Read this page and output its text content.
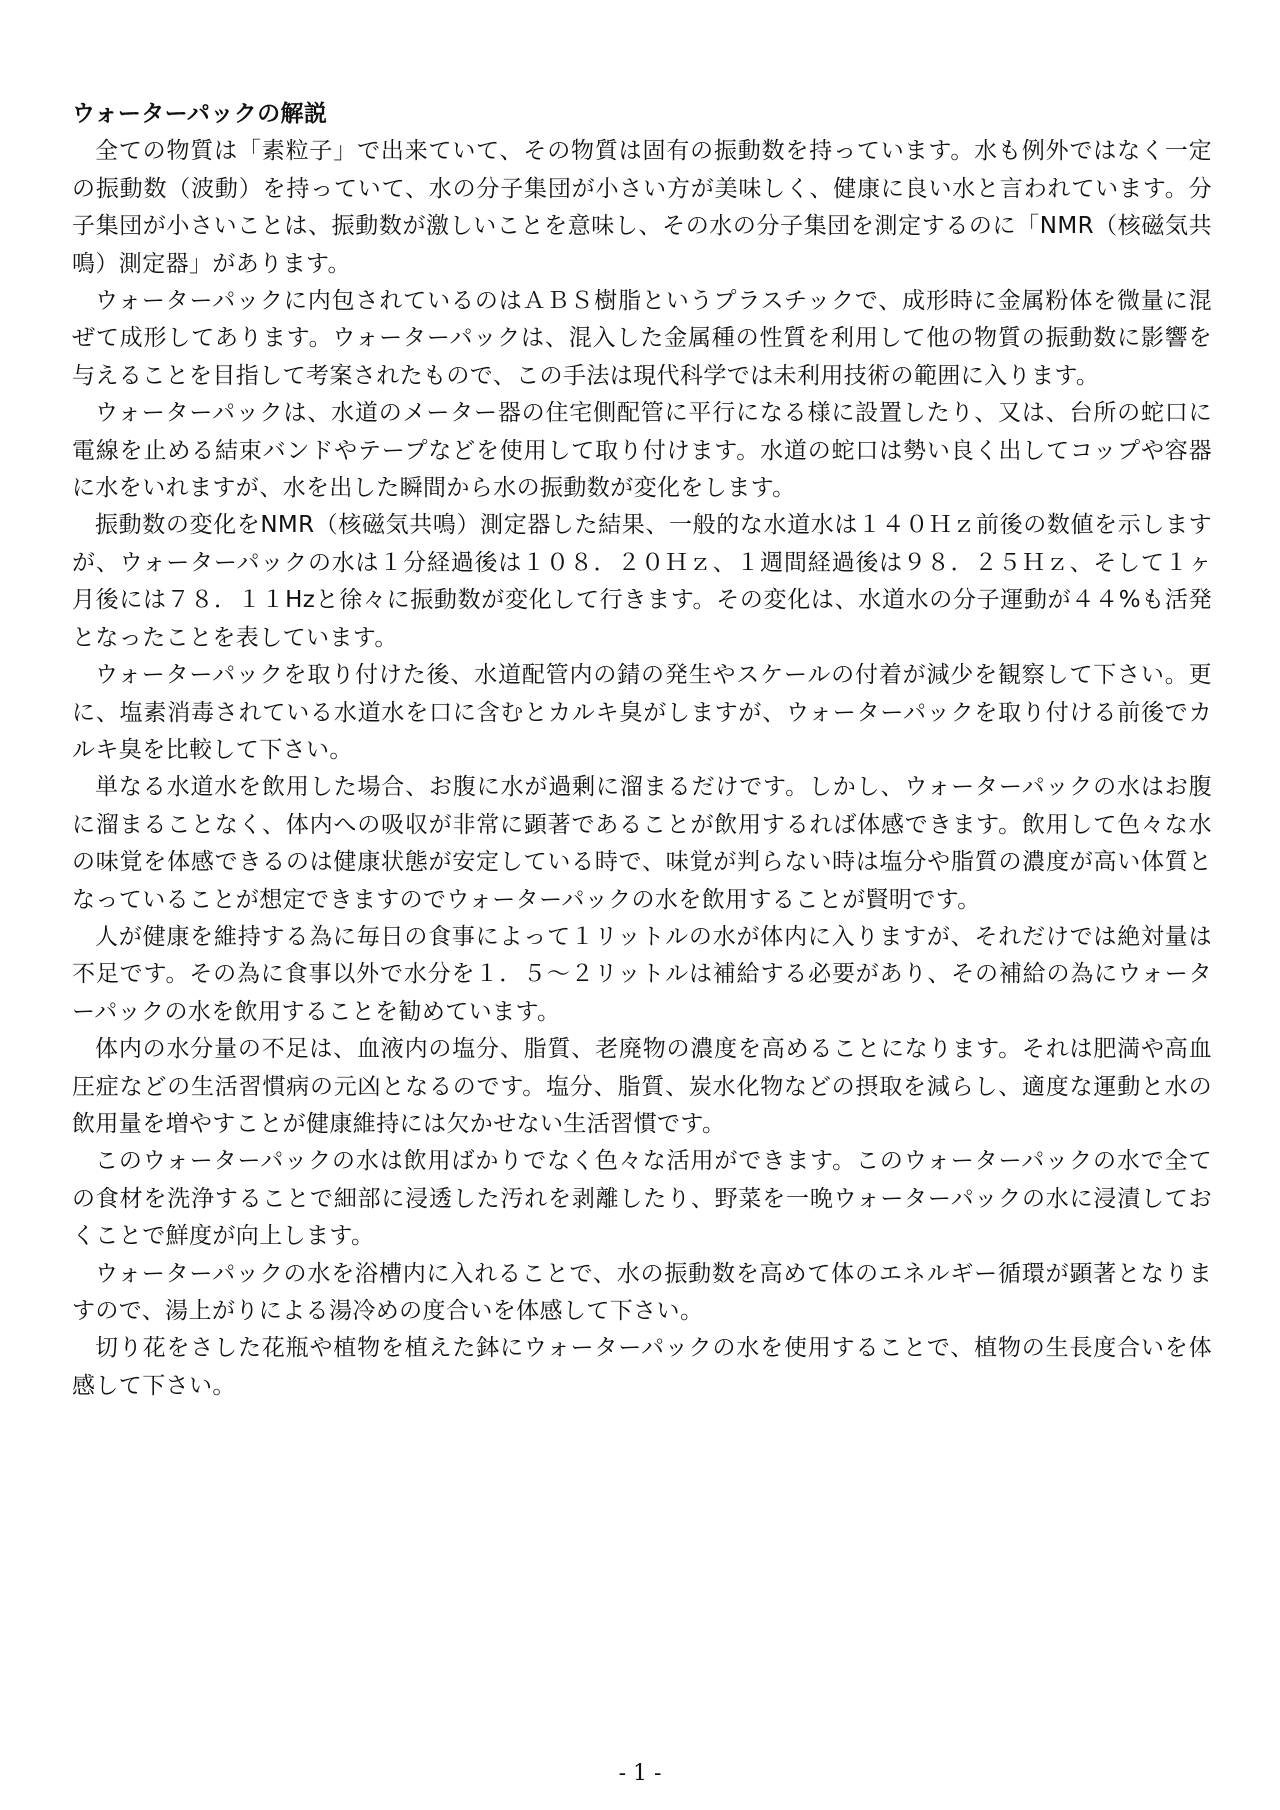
ウォーターパックの解説

全ての物質は「素粒子」で出来ていて、その物質は固有の振動数を持っています。水も例外ではなく一定の振動数（波動）を持っていて、水の分子集団が小さい方が美味しく、健康に良い水と言われています。分子集団が小さいことは、振動数が激しいことを意味し、その水の分子集団を測定するのに「NMR（核磁気共鳴）測定器」があります。

ウォーターパックに内包されているのはＡＢＳ樹脂というプラスチックで、成形時に金属粉体を微量に混ぜて成形してあります。ウォーターパックは、混入した金属種の性質を利用して他の物質の振動数に影響を与えることを目指して考案されたもので、この手法は現代科学では未利用技術の範囲に入ります。

ウォーターパックは、水道のメーター器の住宅側配管に平行になる様に設置したり、又は、台所の蛇口に電線を止める結束バンドやテープなどを使用して取り付けます。水道の蛇口は勢い良く出してコップや容器に水をいれますが、水を出した瞬間から水の振動数が変化をします。

振動数の変化をNMR（核磁気共鳴）測定器した結果、一般的な水道水は１４０Ｈｚ前後の数値を示しますが、ウォーターパックの水は１分経過後は１０８．２０Ｈｚ、１週間経過後は９８．２５Ｈｚ、そして１ヶ月後には７８．１１Hzと徐々に振動数が変化して行きます。その変化は、水道水の分子運動が４４%も活発となったことを表しています。

ウォーターパックを取り付けた後、水道配管内の錆の発生やスケールの付着が減少を観察して下さい。更に、塩素消毒されている水道水を口に含むとカルキ臭がしますが、ウォーターパックを取り付ける前後でカルキ臭を比較して下さい。

単なる水道水を飲用した場合、お腹に水が過剰に溜まるだけです。しかし、ウォーターパックの水はお腹に溜まることなく、体内への吸収が非常に顕著であることが飲用するれば体感できます。飲用して色々な水の味覚を体感できるのは健康状態が安定している時で、味覚が判らない時は塩分や脂質の濃度が高い体質となっていることが想定できますのでウォーターパックの水を飲用することが賢明です。

人が健康を維持する為に毎日の食事によって１リットルの水が体内に入りますが、それだけでは絶対量は不足です。その為に食事以外で水分を１．５～２リットルは補給する必要があり、その補給の為にウォーターパックの水を飲用することを勧めています。

体内の水分量の不足は、血液内の塩分、脂質、老廃物の濃度を高めることになります。それは肥満や高血圧症などの生活習慣病の元凶となるのです。塩分、脂質、炭水化物などの摂取を減らし、適度な運動と水の飲用量を増やすことが健康維持には欠かせない生活習慣です。

このウォーターパックの水は飲用ばかりでなく色々な活用ができます。このウォーターパックの水で全ての食材を洗浄することで細部に浸透した汚れを剥離したり、野菜を一晩ウォーターパックの水に浸漬しておくことで鮮度が向上します。

ウォーターパックの水を浴槽内に入れることで、水の振動数を高めて体のエネルギー循環が顕著となりますので、湯上がりによる湯冷めの度合いを体感して下さい。

切り花をさした花瓶や植物を植えた鉢にウォーターパックの水を使用することで、植物の生長度合いを体感して下さい。

- 1 -
